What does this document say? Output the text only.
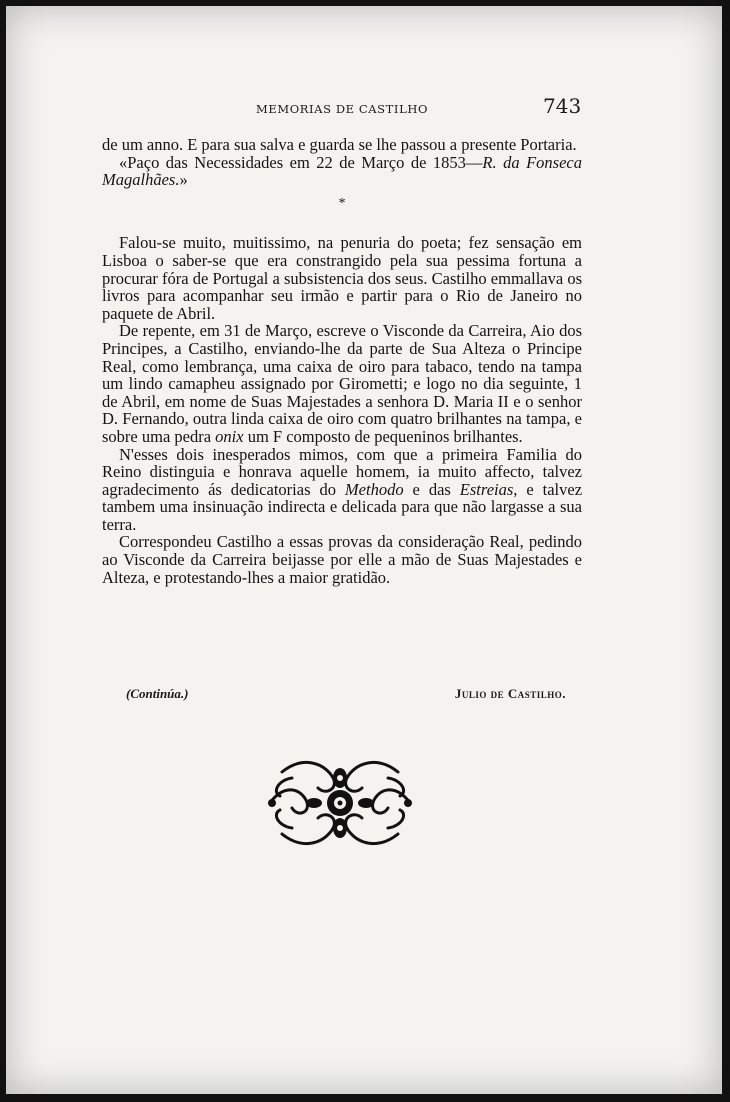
MEMORIAS DE CASTILHO	743

de um anno. E para sua salva e guarda se lhe passou a presente Portaria.

«Paço das Necessidades em 22 de Março de 1853—R. da Fonseca Magalhães.»

*

Falou-se muito, muitissimo, na penuria do poeta; fez sensação em Lisboa o saber-se que era constrangido pela sua pessima fortuna a procurar fóra de Portugal a subsistencia dos seus. Castilho emmallava os livros para acompanhar seu irmão e partir para o Rio de Janeiro no paquete de Abril.

De repente, em 31 de Março, escreve o Visconde da Carreira, Aio dos Principes, a Castilho, enviando-lhe da parte de Sua Alteza o Principe Real, como lembrança, uma caixa de oiro para tabaco, tendo na tampa um lindo camapheu assignado por Girometti; e logo no dia seguinte, 1 de Abril, em nome de Suas Majestades a senhora D. Maria II e o senhor D. Fernando, outra linda caixa de oiro com quatro brilhantes na tampa, e sobre uma pedra onix um F composto de pequeninos brilhantes.

N'esses dois inesperados mimos, com que a primeira Familia do Reino distinguia e honrava aquelle homem, ia muito affecto, talvez agradecimento ás dedicatorias do Methodo e das Estreias, e talvez tambem uma insinuação indirecta e delicada para que não largasse a sua terra.

Correspondeu Castilho a essas provas da consideração Real, pedindo ao Visconde da Carreira beijasse por elle a mão de Suas Majestades e Alteza, e protestando-lhes a maior gratidão.

(Continúa.)	Julio de Castilho.
